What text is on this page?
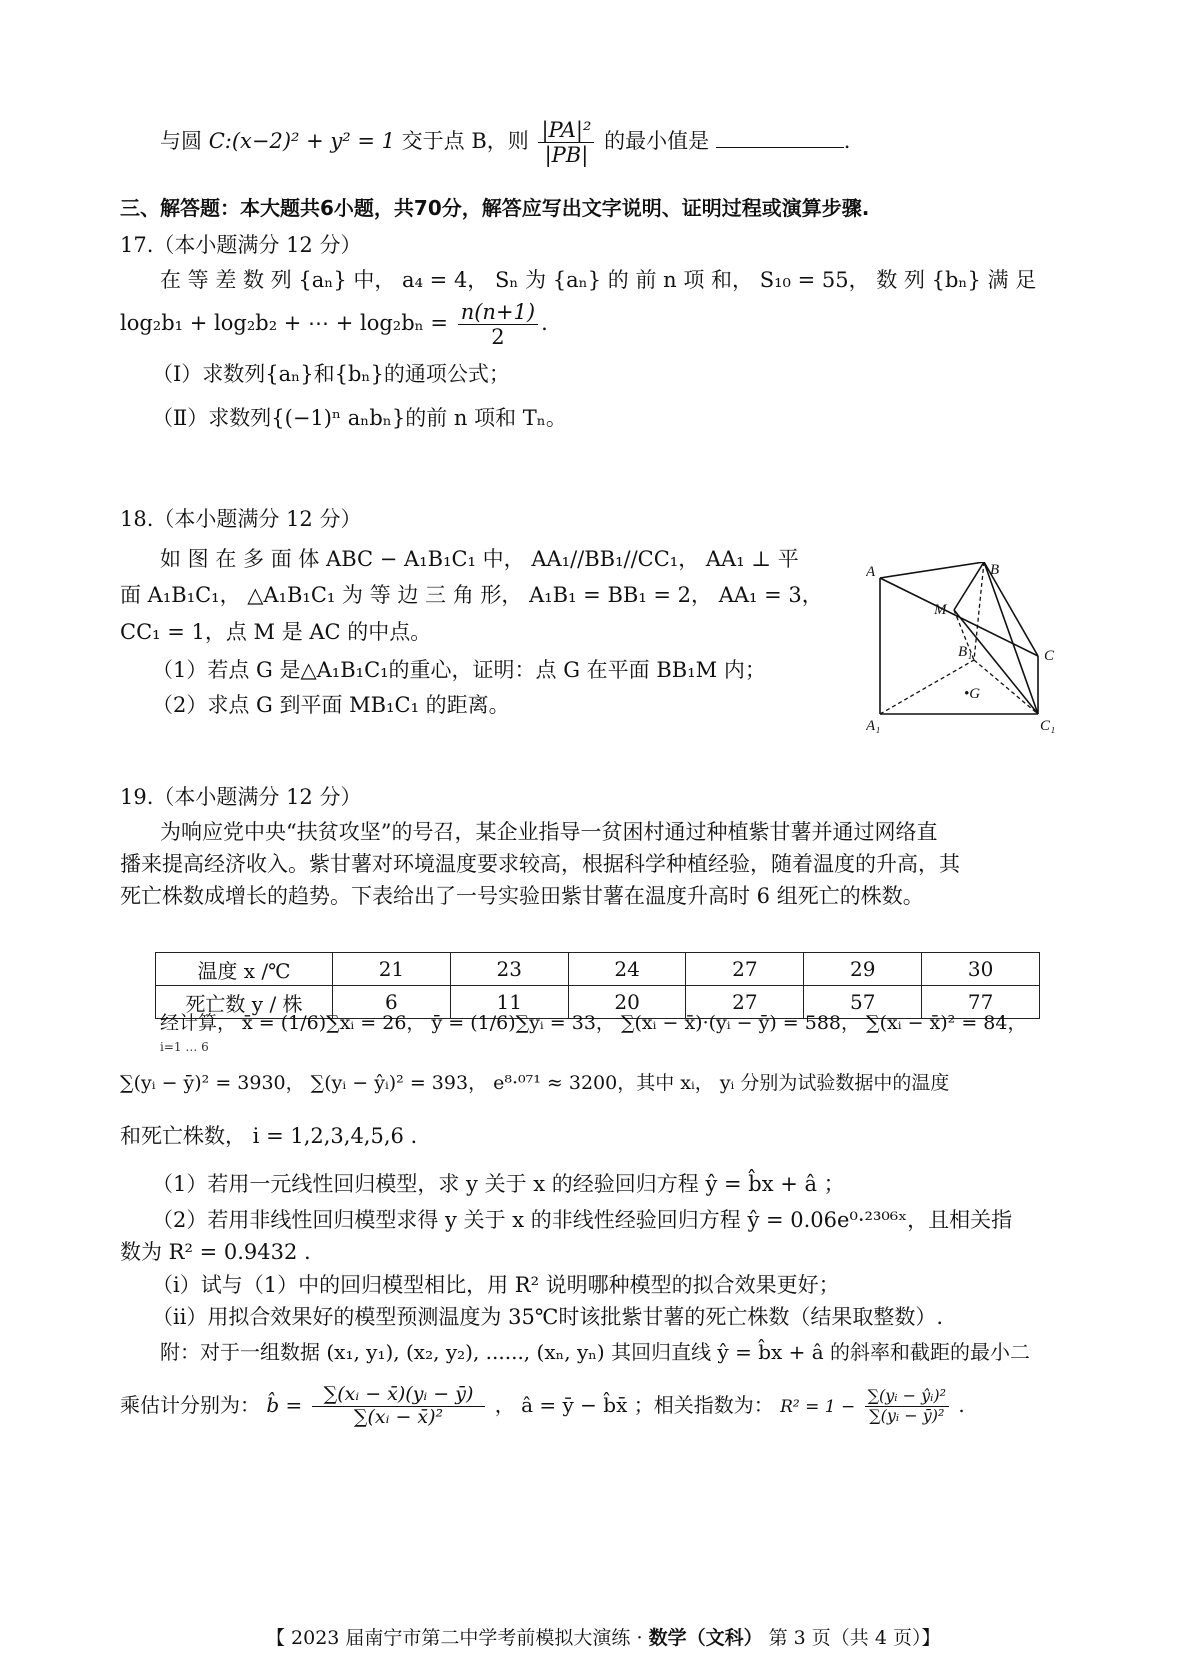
与圆 C:(x−2)² + y² = 1 交于点 B，则 $\frac{\text{|PA|²}}{|PB|}$ 的最小值是	.
三、解答题：本大题共6小题，共70分，解答应写出文字说明、证明过程或演算步骤.
17.（本小题满分 12 分）
在 等 差 数 列 {aₙ} 中， a₄ = 4， Sₙ 为 {aₙ} 的 前 n 项 和， S₁₀ = 55， 数 列 {bₙ} 满 足
log₂b₁ + log₂b₂ + ⋯ + $\log_2b_n = \frac{n(n+1)}{2}$ .
（Ⅰ）求数列{aₙ}和{bₙ}的通项公式；
（Ⅱ）求数列{(−1)ⁿ aₙbₙ}的前 n 项和 Tₙ。
18.（本小题满分 12 分）
如 图 在 多 面 体 ABC − A₁B₁C₁ 中， AA₁//BB₁//CC₁， AA₁ ⊥ 平
面 A₁B₁C₁， △A₁B₁C₁ 为 等 边 三 角 形， A₁B₁ = BB₁ = 2， AA₁ = 3，
CC₁ = 1，点 M 是 AC 的中点。
（1）若点 G 是△A₁B₁C₁的重心，证明：点 G 在平面 BB₁M 内；
（2）求点 G 到平面 MB₁C₁ 的距离。
A	B
M
B₁	C
•G
A₁	C₁
19.（本小题满分 12 分）
为响应党中央“扶贫攻坚”的号召，某企业指导一贫困村通过种植紫甘薯并通过网络直
播来提高经济收入。紫甘薯对环境温度要求较高，根据科学种植经验，随着温度的升高，其
死亡株数成增长的趋势。下表给出了一号实验田紫甘薯在温度升高时 6 组死亡的株数。
温度 x /℃	21	23	24	27	29	30
死亡数 y / 株	6	11	20	27	57	77
经计算， x̄ = (1/6)∑xᵢ = 26， ȳ = (1/6)∑yᵢ = 33， ∑(xᵢ − x̄)·(yᵢ − ȳ) = 588， ∑(xᵢ − x̄)² = 84，
i=1 … 6
∑(yᵢ − ȳ)² = 3930， ∑(yᵢ − ŷᵢ)² = 393， e⁸·⁰⁷¹ ≈ 3200，其中 xᵢ， yᵢ 分别为试验数据中的温度
和死亡株数， i = 1,2,3,4,5,6 .
（1）若用一元线性回归模型，求 y 关于 x 的经验回归方程 ŷ = b̂x + â ；
（2）若用非线性回归模型求得 y 关于 x 的非线性经验回归方程 ŷ = 0.06e⁰·²³⁰⁶ˣ，且相关指
数为 R² = 0.9432 .
（ⅰ）试与（1）中的回归模型相比，用 R² 说明哪种模型的拟合效果更好；
（ⅱ）用拟合效果好的模型预测温度为 35℃时该批紫甘薯的死亡株数（结果取整数）.
附：对于一组数据 (x₁, y₁), (x₂, y₂), ......, (xₙ, yₙ) 其回归直线 ŷ = b̂x + â 的斜率和截距的最小二
乘估计分别为： b̂ = $\frac{\text{∑(xᵢ − x̄)(yᵢ − ȳ)}}{\text{∑(xᵢ − x̄)²}}$ ， â = ȳ − b̂x̄ ；相关指数为： $R^2 = 1 - \frac{\text{∑(yᵢ − ŷᵢ)²}}{\text{∑(yᵢ − ȳ)²}}$ .
【 2023 届南宁市第二中学考前模拟大演练 · 数学（文科） 第 3 页（共 4 页）】
